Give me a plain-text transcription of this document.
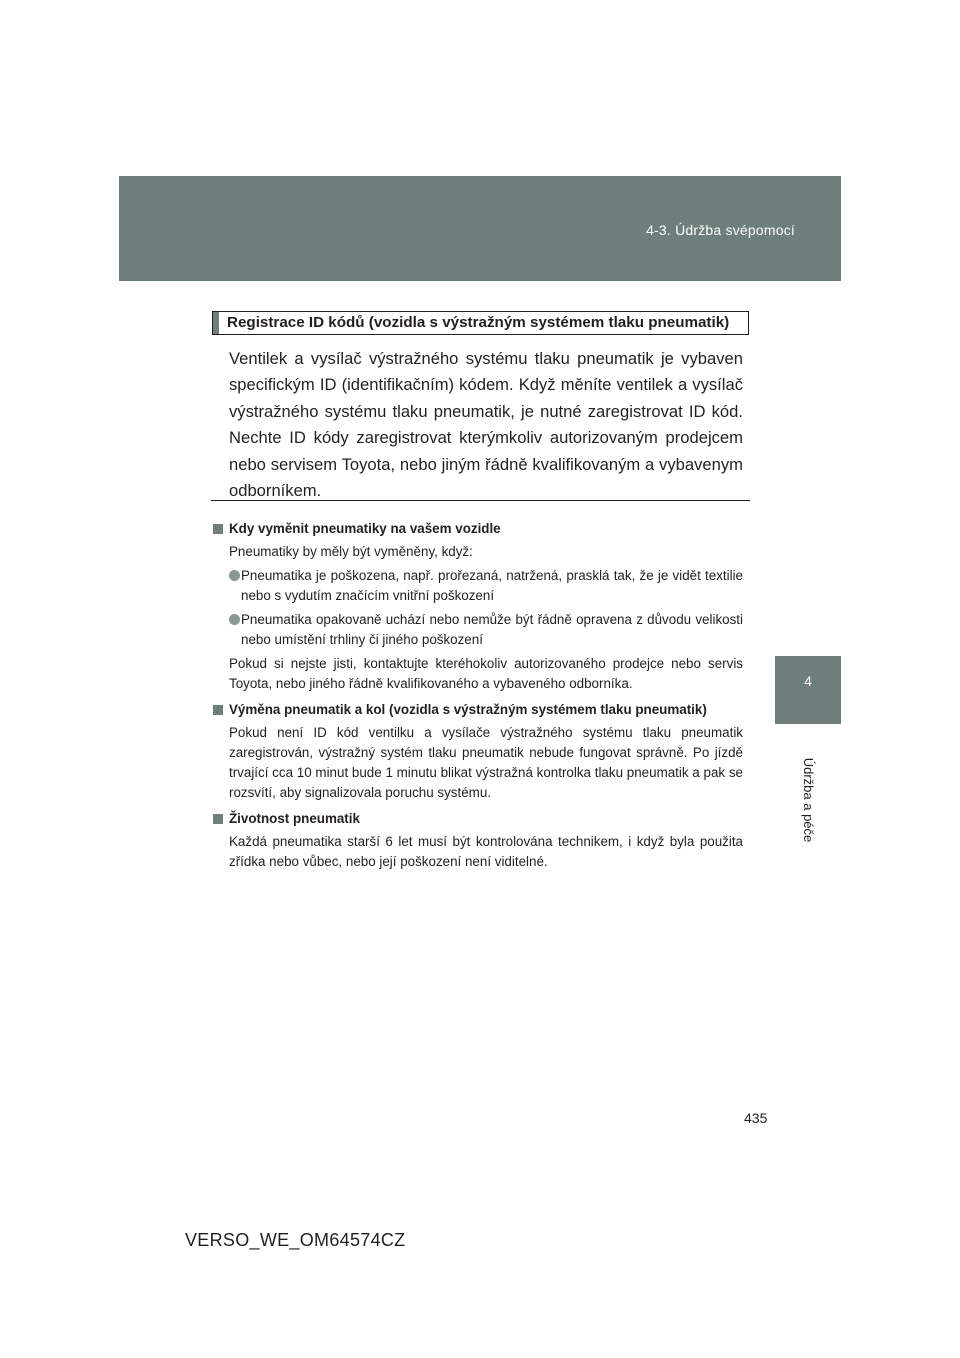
4-3. Údržba svépomocí
4
Údržba a péče
Registrace ID kódů (vozidla s výstražným systémem tlaku pneumatik)

Ventilek a vysílač výstražného systému tlaku pneumatik je vybaven specifickým ID (identifikačním) kódem. Když měníte ventilek a vysílač výstražného systému tlaku pneumatik, je nutné zaregistrovat ID kód. Nechte ID kódy zaregistrovat kterýmkoliv autorizovaným prodejcem nebo servisem Toyota, nebo jiným řádně kvalifikovaným a vybavenym odborníkem.

Kdy vyměnit pneumatiky na vašem vozidle
Pneumatiky by měly být vyměněny, když:
Pneumatika je poškozena, např. prořezaná, natržená, prasklá tak, že je vidět textilie nebo s vydutím značícím vnitřní poškození
Pneumatika opakovaně uchází nebo nemůže být řádně opravena z důvodu velikosti nebo umístění trhliny či jiného poškození
Pokud si nejste jisti, kontaktujte kteréhokoliv autorizovaného prodejce nebo servis Toyota, nebo jiného řádně kvalifikovaného a vybaveného odborníka.
Výměna pneumatik a kol (vozidla s výstražným systémem tlaku pneumatik)
Pokud není ID kód ventilku a vysílače výstražného systému tlaku pneumatik zaregistrován, výstražný systém tlaku pneumatik nebude fungovat správně. Po jízdě trvající cca 10 minut bude 1 minutu blikat výstražná kontrolka tlaku pneumatik a pak se rozsvítí, aby signalizovala poruchu systému.
Životnost pneumatik
Každá pneumatika starší 6 let musí být kontrolována technikem, i když byla použita zřídka nebo vůbec, nebo její poškození není viditelné.
435
VERSO_WE_OM64574CZ
